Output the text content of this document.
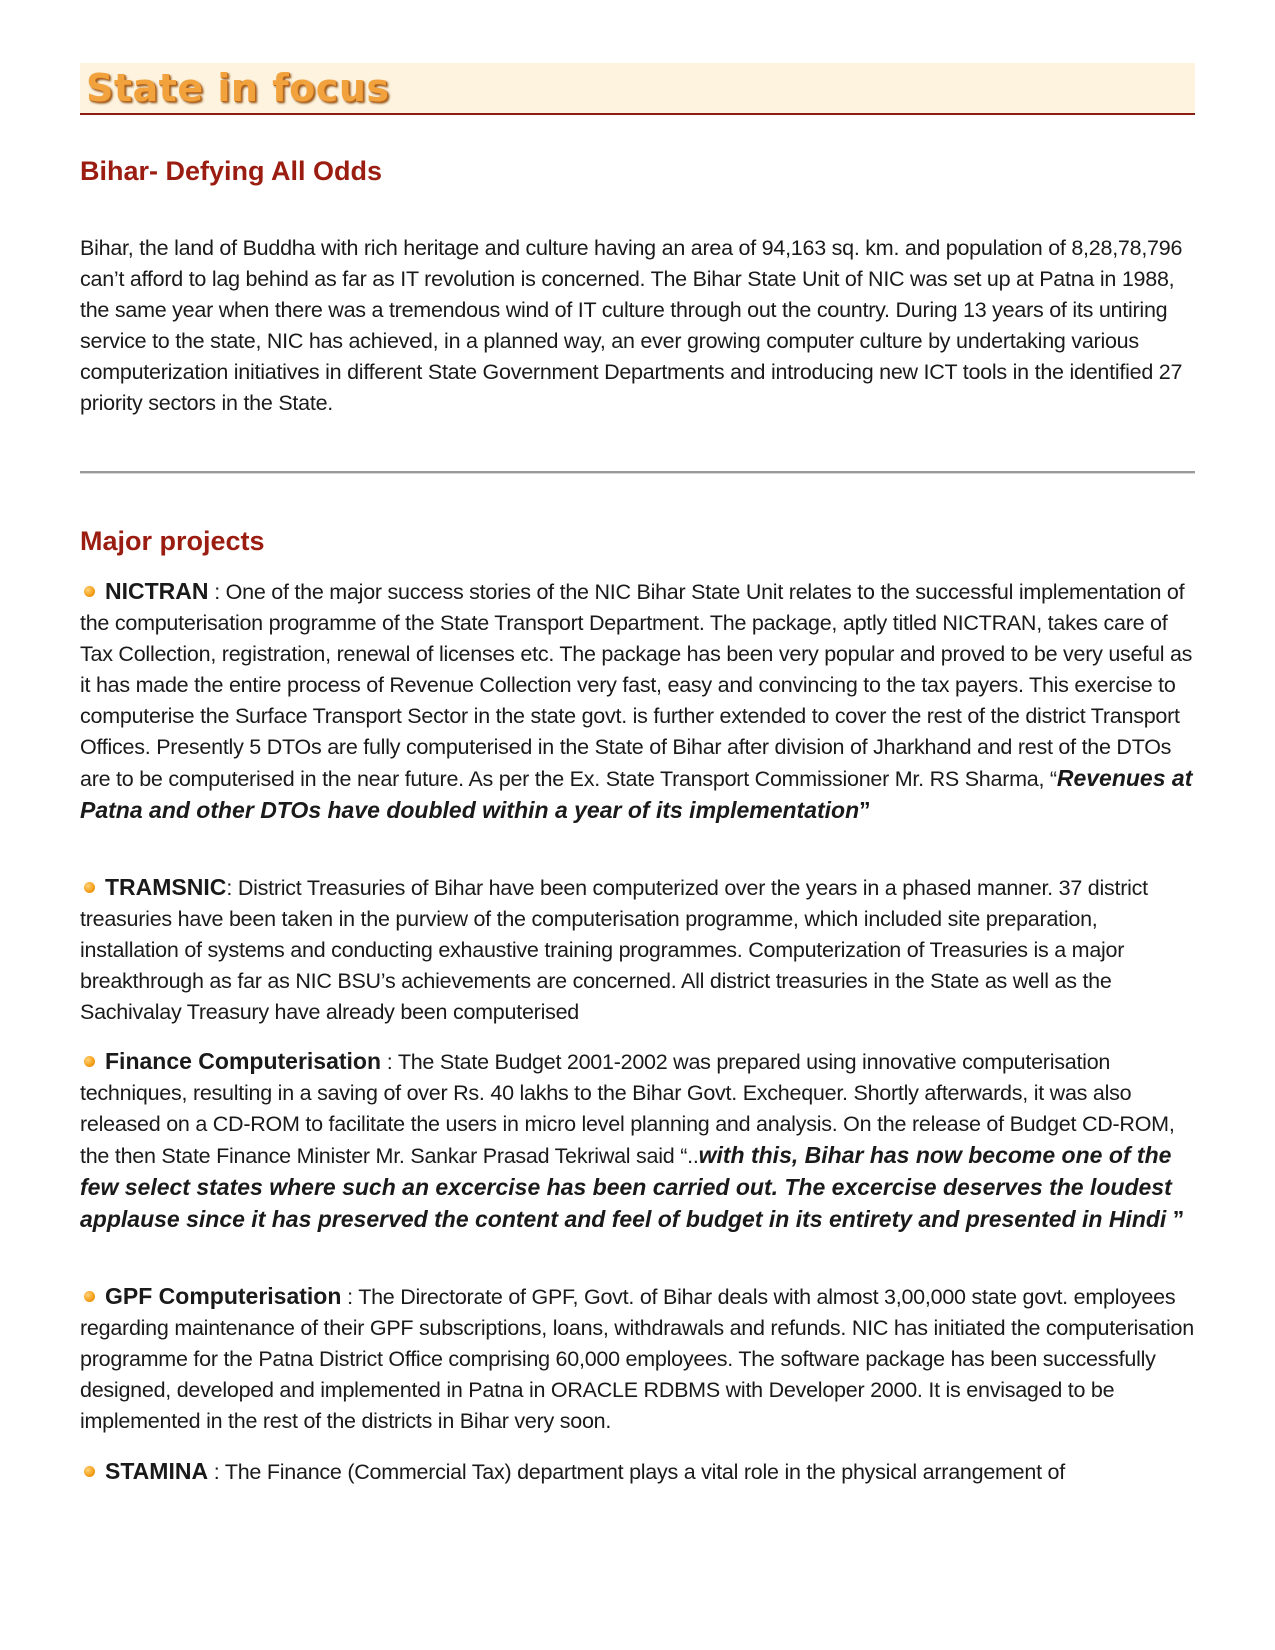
State in focus
Bihar- Defying All Odds

Bihar, the land of Buddha with rich heritage and culture having an area of 94,163 sq. km. and population of 8,28,78,796 can’t afford to lag behind as far as IT revolution is concerned. The Bihar State Unit of NIC was set up at Patna in 1988, the same year when there was a tremendous wind of IT culture through out the country. During 13 years of its untiring service to the state, NIC has achieved, in a planned way, an ever growing computer culture by undertaking various computerization initiatives in different State Government Departments and introducing new ICT tools in the identified 27 priority sectors in the State.

Major projects

NICTRAN : One of the major success stories of the NIC Bihar State Unit relates to the successful implementation of the computerisation programme of the State Transport Department. The package, aptly titled NICTRAN, takes care of Tax Collection, registration, renewal of licenses etc. The package has been very popular and proved to be very useful as it has made the entire process of Revenue Collection very fast, easy and convincing to the tax payers. This exercise to computerise the Surface Transport Sector in the state govt. is further extended to cover the rest of the district Transport Offices. Presently 5 DTOs are fully computerised in the State of Bihar after division of Jharkhand and rest of the DTOs are to be computerised in the near future. As per the Ex. State Transport Commissioner Mr. RS Sharma, “Revenues at Patna and other DTOs have doubled within a year of its implementation”

TRAMSNIC: District Treasuries of Bihar have been computerized over the years in a phased manner. 37 district treasuries have been taken in the purview of the computerisation programme, which included site preparation, installation of systems and conducting exhaustive training programmes. Computerization of Treasuries is a major breakthrough as far as NIC BSU’s achievements are concerned. All district treasuries in the State as well as the Sachivalay Treasury have already been computerised

Finance Computerisation : The State Budget 2001-2002 was prepared using innovative computerisation techniques, resulting in a saving of over Rs. 40 lakhs to the Bihar Govt. Exchequer. Shortly afterwards, it was also released on a CD-ROM to facilitate the users in micro level planning and analysis. On the release of Budget CD-ROM, the then State Finance Minister Mr. Sankar Prasad Tekriwal said “..with this, Bihar has now become one of the few select states where such an excercise has been carried out. The excercise deserves the loudest applause since it has preserved the content and feel of budget in its entirety and presented in Hindi ”

GPF Computerisation : The Directorate of GPF, Govt. of Bihar deals with almost 3,00,000 state govt. employees regarding maintenance of their GPF subscriptions, loans, withdrawals and refunds. NIC has initiated the computerisation programme for the Patna District Office comprising 60,000 employees. The software package has been successfully designed, developed and implemented in Patna in ORACLE RDBMS with Developer 2000. It is envisaged to be implemented in the rest of the districts in Bihar very soon.

STAMINA : The Finance (Commercial Tax) department plays a vital role in the physical arrangement of
